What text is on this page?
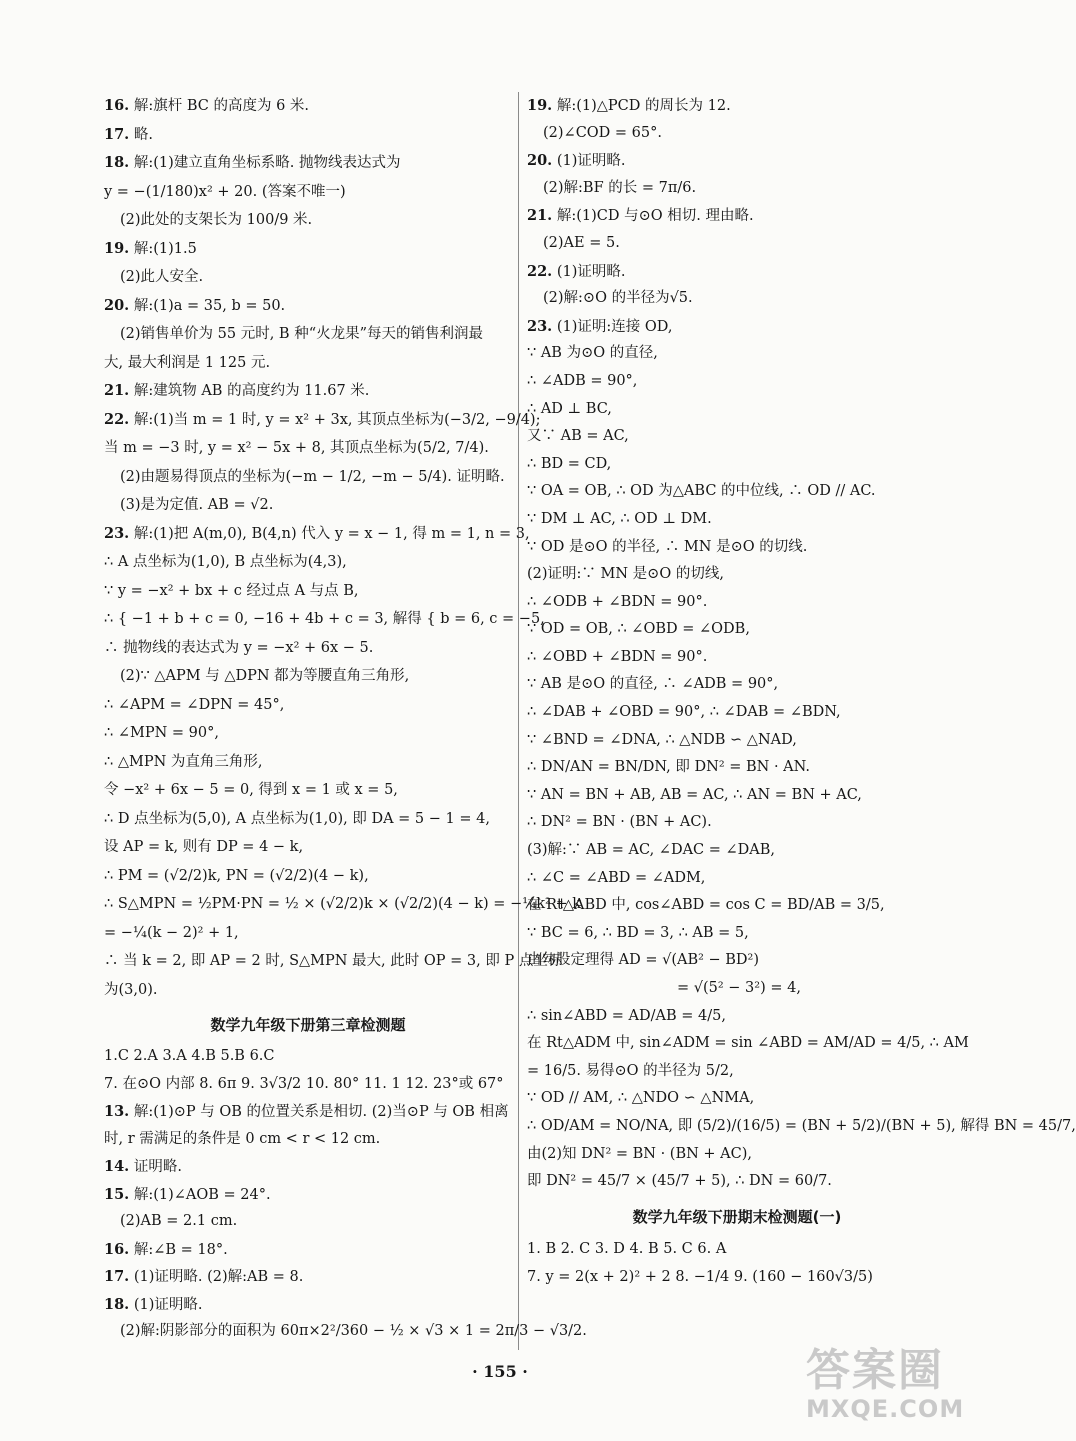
16. 解:旗杆 BC 的高度为 6 米.
17. 略.
18. 解:(1)建立直角坐标系略. 抛物线表达式为
y = −(1/180)x² + 20. (答案不唯一)
(2)此处的支架长为 100/9 米.
19. 解:(1)1.5
(2)此人安全.
20. 解:(1)a = 35, b = 50.
(2)销售单价为 55 元时, B 种“火龙果”每天的销售利润最
大, 最大利润是 1 125 元.
21. 解:建筑物 AB 的高度约为 11.67 米.
22. 解:(1)当 m = 1 时, y = x² + 3x, 其顶点坐标为(−3/2, −9/4);
当 m = −3 时, y = x² − 5x + 8, 其顶点坐标为(5/2, 7/4).
(2)由题易得顶点的坐标为(−m − 1/2, −m − 5/4). 证明略.
(3)是为定值. AB = √2.
23. 解:(1)把 A(m,0), B(4,n) 代入 y = x − 1, 得 m = 1, n = 3,
∴ A 点坐标为(1,0), B 点坐标为(4,3),
∵ y = −x² + bx + c 经过点 A 与点 B,
∴ { −1 + b + c = 0, −16 + 4b + c = 3, 解得 { b = 6, c = −5,
∴ 抛物线的表达式为 y = −x² + 6x − 5.
(2)∵ △APM 与 △DPN 都为等腰直角三角形,
∴ ∠APM = ∠DPN = 45°,
∴ ∠MPN = 90°,
∴ △MPN 为直角三角形,
令 −x² + 6x − 5 = 0, 得到 x = 1 或 x = 5,
∴ D 点坐标为(5,0), A 点坐标为(1,0), 即 DA = 5 − 1 = 4,
设 AP = k, 则有 DP = 4 − k,
∴ PM = (√2/2)k, PN = (√2/2)(4 − k),
∴ S△MPN = ½PM·PN = ½ × (√2/2)k × (√2/2)(4 − k) = −¼k² + k
= −¼(k − 2)² + 1,
∴ 当 k = 2, 即 AP = 2 时, S△MPN 最大, 此时 OP = 3, 即 P 点坐标
为(3,0).
数学九年级下册第三章检测题
1.C 2.A 3.A 4.B 5.B 6.C
7. 在⊙O 内部 8. 6π 9. 3√3/2 10. 80° 11. 1 12. 23°或 67°
13. 解:(1)⊙P 与 OB 的位置关系是相切. (2)当⊙P 与 OB 相离
时, r 需满足的条件是 0 cm < r < 12 cm.
14. 证明略.
15. 解:(1)∠AOB = 24°.
(2)AB = 2.1 cm.
16. 解:∠B = 18°.
17. (1)证明略. (2)解:AB = 8.
18. (1)证明略.
(2)解:阴影部分的面积为 60π×2²/360 − ½ × √3 × 1 = 2π/3 − √3/2.
19. 解:(1)△PCD 的周长为 12.
(2)∠COD = 65°.
20. (1)证明略.
(2)解:BF 的长 = 7π/6.
21. 解:(1)CD 与⊙O 相切. 理由略.
(2)AE = 5.
22. (1)证明略.
(2)解:⊙O 的半径为√5.
23. (1)证明:连接 OD,
∵ AB 为⊙O 的直径,
∴ ∠ADB = 90°,
∴ AD ⊥ BC,
又∵ AB = AC,
∴ BD = CD,
∵ OA = OB, ∴ OD 为△ABC 的中位线, ∴ OD // AC.
∵ DM ⊥ AC, ∴ OD ⊥ DM.
∵ OD 是⊙O 的半径, ∴ MN 是⊙O 的切线.
(2)证明:∵ MN 是⊙O 的切线,
∴ ∠ODB + ∠BDN = 90°.
∵ OD = OB, ∴ ∠OBD = ∠ODB,
∴ ∠OBD + ∠BDN = 90°.
∵ AB 是⊙O 的直径, ∴ ∠ADB = 90°,
∴ ∠DAB + ∠OBD = 90°, ∴ ∠DAB = ∠BDN,
∵ ∠BND = ∠DNA, ∴ △NDB ∽ △NAD,
∴ DN/AN = BN/DN, 即 DN² = BN · AN.
∵ AN = BN + AB, AB = AC, ∴ AN = BN + AC,
∴ DN² = BN · (BN + AC).
(3)解:∵ AB = AC, ∠DAC = ∠DAB,
∴ ∠C = ∠ABD = ∠ADM,
在 Rt△ABD 中, cos∠ABD = cos C = BD/AB = 3/5,
∵ BC = 6, ∴ BD = 3, ∴ AB = 5,
由勾股定理得 AD = √(AB² − BD²)
= √(5² − 3²) = 4,
∴ sin∠ABD = AD/AB = 4/5,
在 Rt△ADM 中, sin∠ADM = sin ∠ABD = AM/AD = 4/5, ∴ AM
= 16/5. 易得⊙O 的半径为 5/2,
∵ OD // AM, ∴ △NDO ∽ △NMA,
∴ OD/AM = NO/NA, 即 (5/2)/(16/5) = (BN + 5/2)/(BN + 5), 解得 BN = 45/7,
由(2)知 DN² = BN · (BN + AC),
即 DN² = 45/7 × (45/7 + 5), ∴ DN = 60/7.
数学九年级下册期末检测题(一)
1. B 2. C 3. D 4. B 5. C 6. A
7. y = 2(x + 2)² + 2 8. −1/4 9. (160 − 160√3/5)
· 155 ·	答案圈
MXQE.COM
